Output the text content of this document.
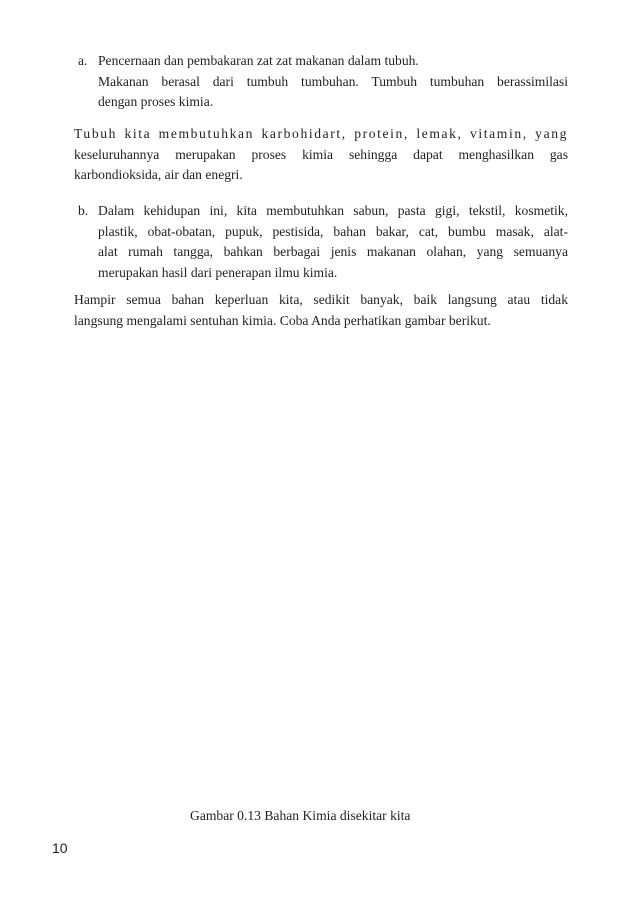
a. Pencernaan dan pembakaran zat zat makanan dalam tubuh.
Makanan berasal dari tumbuh tumbuhan. Tumbuh tumbuhan berassimilasi
dengan proses kimia.
Tubuh kita membutuhkan karbohidart, protein, lemak, vitamin, yang
keseluruhannya merupakan proses kimia sehingga dapat menghasilkan gas
karbondioksida, air dan enegri.
b. Dalam kehidupan ini, kita membutuhkan sabun, pasta gigi, tekstil, kosmetik,
plastik, obat-obatan, pupuk, pestisida, bahan bakar, cat, bumbu masak, alat-
alat rumah tangga, bahkan berbagai jenis makanan olahan, yang semuanya
merupakan hasil dari penerapan ilmu kimia.
Hampir semua bahan keperluan kita, sedikit banyak, baik langsung atau tidak
langsung mengalami sentuhan kimia. Coba Anda perhatikan gambar berikut.
Gambar 0.13 Bahan Kimia disekitar kita
10
